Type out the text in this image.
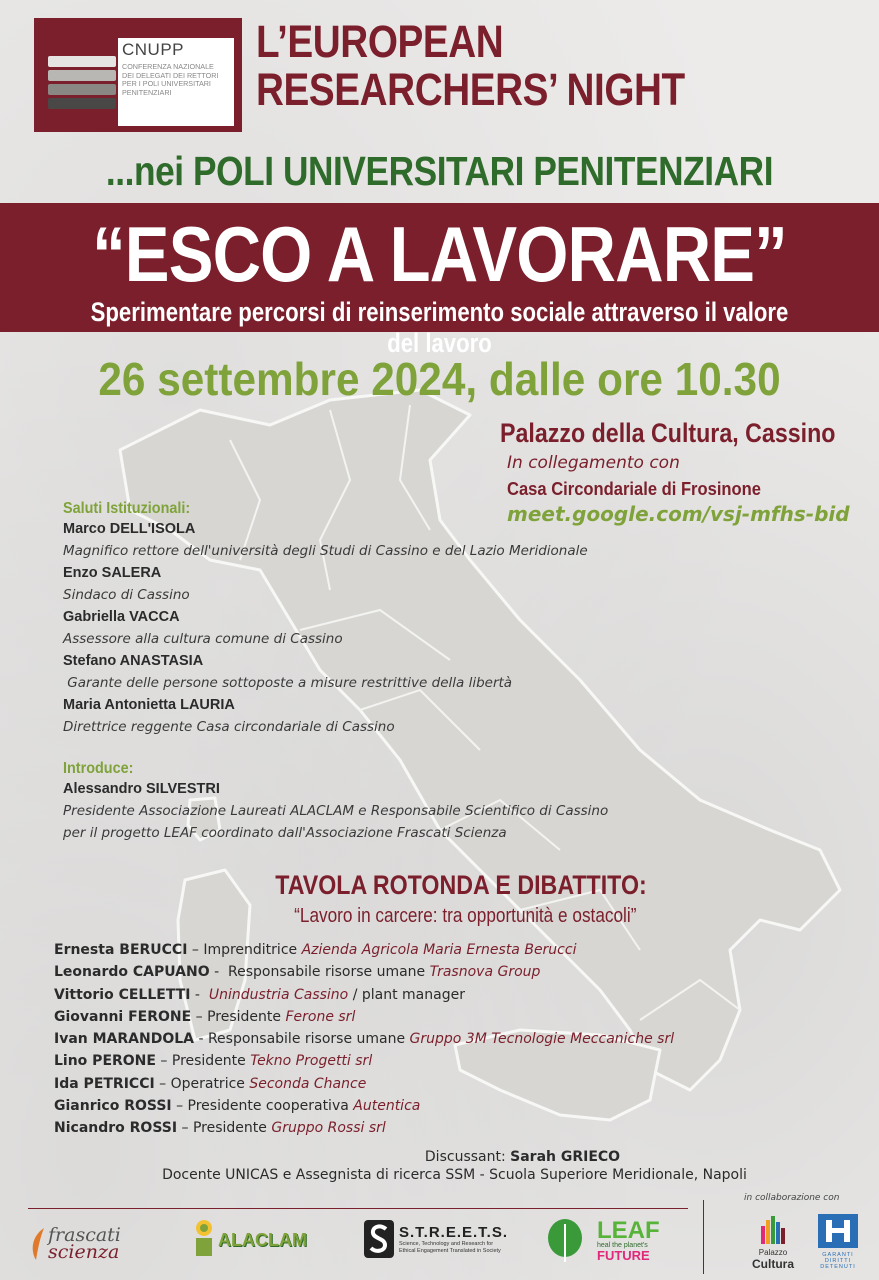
CNUPP
CONFERENZA NAZIONALE
DEI DELEGATI DEI RETTORI
PER I POLI UNIVERSITARI
PENITENZIARI
L’EUROPEAN
RESEARCHERS’ NIGHT
...nei POLI UNIVERSITARI PENITENZIARI
“ESCO A LAVORARE”
Sperimentare percorsi di reinserimento sociale attraverso il valore del lavoro
26 settembre 2024, dalle ore 10.30
Palazzo della Cultura, Cassino
In collegamento con
Casa Circondariale di Frosinone
meet.google.com/vsj-mfhs-bid
Saluti Istituzionali:
Marco DELL'ISOLA
Magnifico rettore dell'università degli Studi di Cassino e del Lazio Meridionale
Enzo SALERA
Sindaco di Cassino
Gabriella VACCA
Assessore alla cultura comune di Cassino
Stefano ANASTASIA
Garante delle persone sottoposte a misure restrittive della libertà
Maria Antonietta LAURIA
Direttrice reggente Casa circondariale di Cassino
Introduce:
Alessandro SILVESTRI
Presidente Associazione Laureati ALACLAM e Responsabile Scientifico di Cassino
per il progetto LEAF coordinato dall'Associazione Frascati Scienza
TAVOLA ROTONDA E DIBATTITO:
“Lavoro in carcere: tra opportunità e ostacoli”
Ernesta BERUCCI – Imprenditrice Azienda Agricola Maria Ernesta Berucci
Leonardo CAPUANO -  Responsabile risorse umane Trasnova Group
Vittorio CELLETTI -  Unindustria Cassino / plant manager
Giovanni FERONE – Presidente Ferone srl
Ivan MARANDOLA - Responsabile risorse umane Gruppo 3M Tecnologie Meccaniche srl
Lino PERONE – Presidente Tekno Progetti srl
Ida PETRICCI – Operatrice Seconda Chance
Gianrico ROSSI – Presidente cooperativa Autentica
Nicandro ROSSI – Presidente Gruppo Rossi srl
Discussant: Sarah GRIECO
Docente UNICAS e Assegnista di ricerca SSM - Scuola Superiore Meridionale, Napoli
in collaborazione con
frascati
scienza
ALACLAM	S.T.R.E.E.T.S.
Science, Technology and Research for
Ethical Engagement Translated in Society
LEAF
heal the planet's
FUTURE	Palazzo
Cultura
GARANTI
DIRITTI
DETENUTI
